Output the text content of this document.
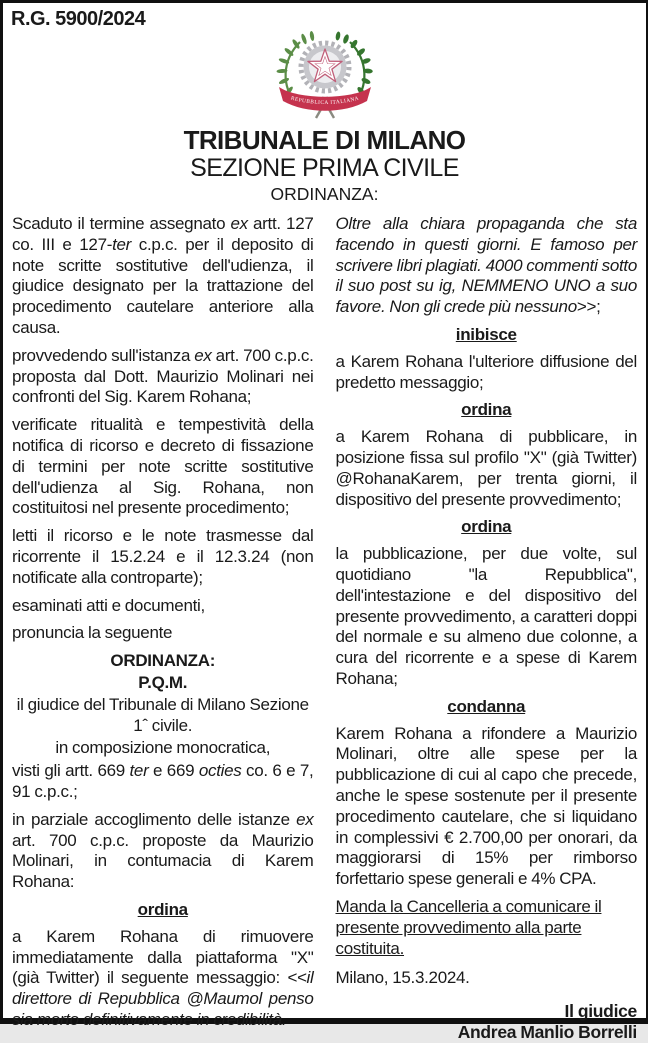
R.G. 5900/2024
REPUBBLICA ITALIANA
TRIBUNALE DI MILANO
SEZIONE PRIMA CIVILE
ORDINANZA:
Scaduto il termine assegnato ex artt. 127 co. III e 127-ter c.p.c. per il deposito di note scritte sostitutive dell'udienza, il giudice designato per la trattazione del procedimento cautelare anteriore alla causa.
provvedendo sull'istanza ex art. 700 c.p.c. proposta dal Dott. Maurizio Molinari nei confronti del Sig. Karem Rohana;
verificate ritualità e tempestività della notifica di ricorso e decreto di fissazione di termini per note scritte sostitutive dell'udienza al Sig. Rohana, non costituitosi nel presente procedimento;
letti il ricorso e le note trasmesse dal ricorrente il 15.2.24 e il 12.3.24 (non notificate alla controparte);
esaminati atti e documenti,
pronuncia la seguente
ORDINANZA:
P.Q.M.
il giudice del Tribunale di Milano Sezione 1ˆ civile.
in composizione monocratica,
visti gli artt. 669 ter e 669 octies co. 6 e 7, 91 c.p.c.;
in parziale accoglimento delle istanze ex art. 700 c.p.c. proposte da Maurizio Molinari, in contumacia di Karem Rohana:
ordina
a Karem Rohana di rimuovere immediatamente dalla piattaforma "X" (già Twitter) il seguente messaggio: <<il direttore di Repubblica @Maumol penso sia morto definitivamente in credibilità.
Oltre alla chiara propaganda che sta facendo in questi giorni. E famoso per scrivere libri plagiati. 4000 commenti sotto il suo post su ig, NEMMENO UNO a suo favore. Non gli crede più nessuno>>;
inibisce
a Karem Rohana l'ulteriore diffusione del predetto messaggio;
ordina
a Karem Rohana di pubblicare, in posizione fissa sul profilo "X" (già Twitter) @RohanaKarem, per trenta giorni, il dispositivo del presente provvedimento;
ordina
la pubblicazione, per due volte, sul quotidiano "la Repubblica", dell'intestazione e del dispositivo del presente provvedimento, a caratteri doppi del normale e su almeno due colonne, a cura del ricorrente e a spese di Karem Rohana;
condanna
Karem Rohana a rifondere a Maurizio Molinari, oltre alle spese per la pubblicazione di cui al capo che precede, anche le spese sostenute per il presente procedimento cautelare, che si liquidano in complessivi € 2.700,00 per onorari, da maggiorarsi di 15% per rimborso forfettario spese generali e 4% CPA.
Manda la Cancelleria a comunicare il presente provvedimento alla parte costituita.
Milano, 15.3.2024.
Il giudice
Andrea Manlio Borrelli
